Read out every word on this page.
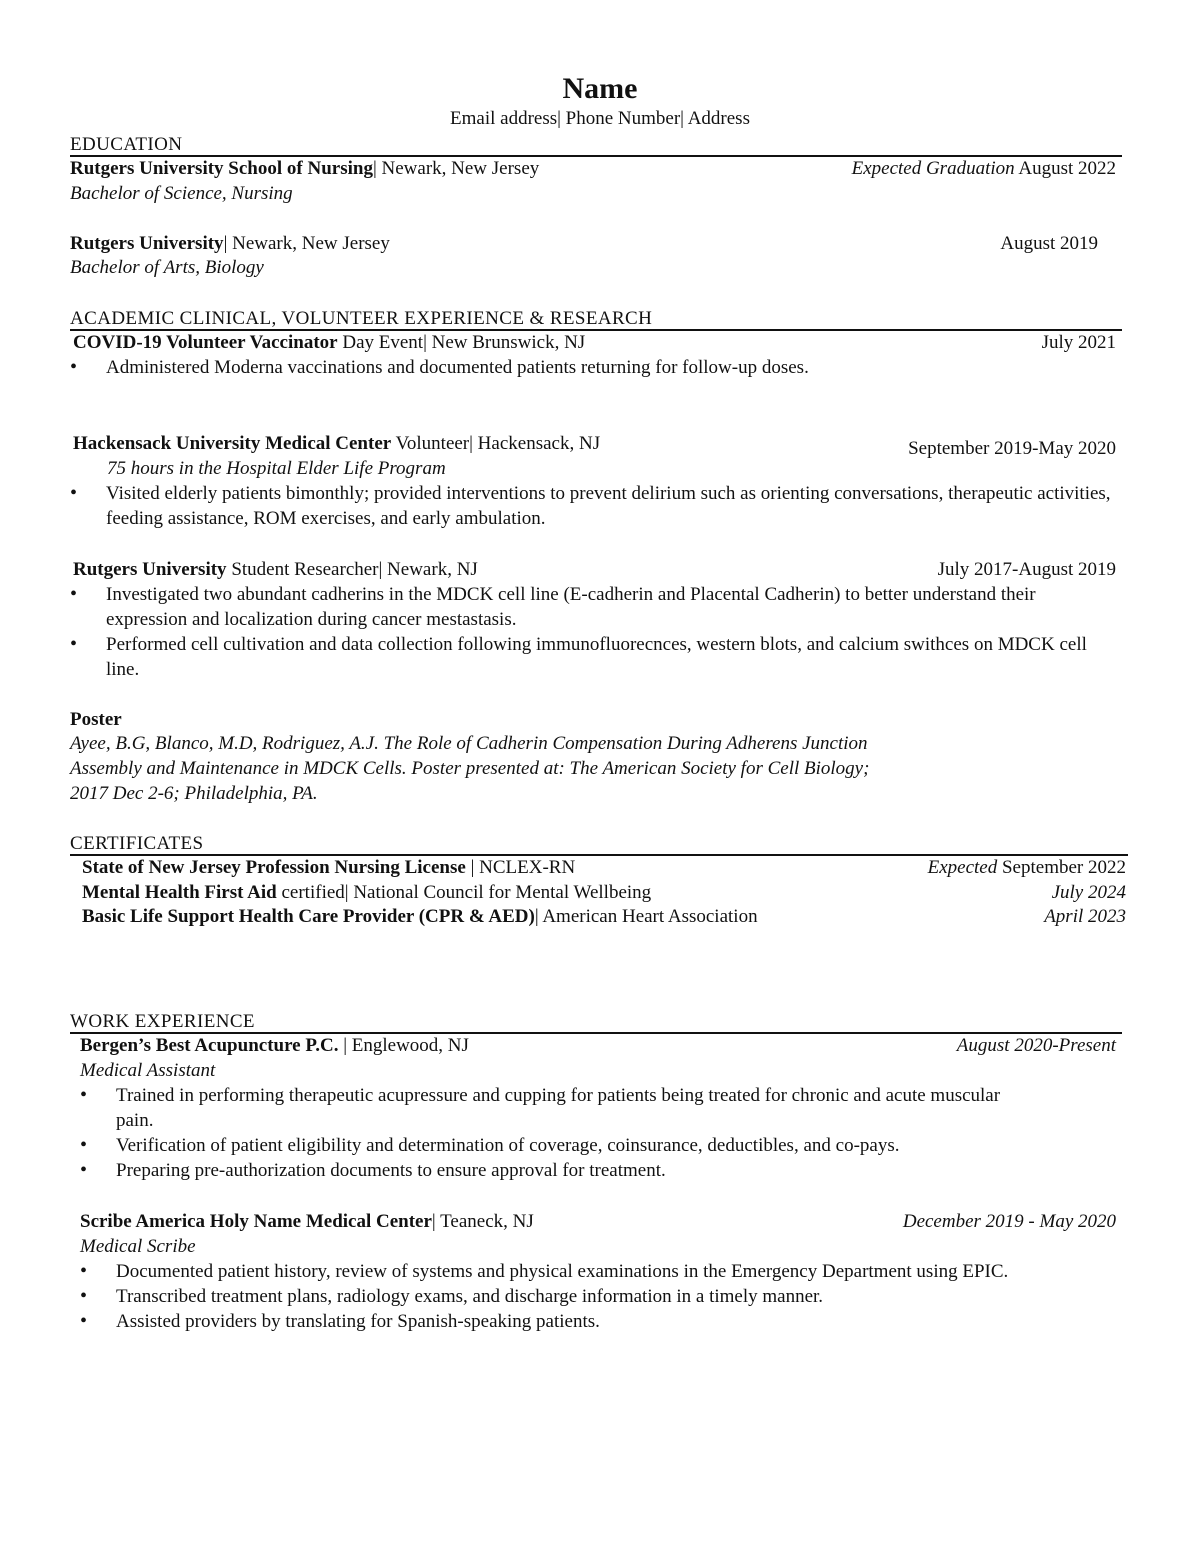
Name
Email address| Phone Number| Address
EDUCATION
Rutgers University School of Nursing| Newark, New Jersey	Expected Graduation August 2022
Bachelor of Science, Nursing
Rutgers University| Newark, New Jersey	August 2019
Bachelor of Arts, Biology
ACADEMIC CLINICAL, VOLUNTEER EXPERIENCE & RESEARCH
COVID-19 Volunteer Vaccinator Day Event| New Brunswick, NJ	July 2021
• Administered Moderna vaccinations and documented patients returning for follow-up doses.
Hackensack University Medical Center Volunteer| Hackensack, NJ	September 2019-May 2020
75 hours in the Hospital Elder Life Program
• Visited elderly patients bimonthly; provided interventions to prevent delirium such as orienting conversations, therapeutic activities, feeding assistance, ROM exercises, and early ambulation.
Rutgers University Student Researcher| Newark, NJ	July 2017-August 2019
• Investigated two abundant cadherins in the MDCK cell line (E-cadherin and Placental Cadherin) to better understand their expression and localization during cancer mestastasis.
• Performed cell cultivation and data collection following immunofluorecnces, western blots, and calcium swithces on MDCK cell line.
Poster
Ayee, B.G, Blanco, M.D, Rodriguez, A.J. The Role of Cadherin Compensation During Adherens Junction
Assembly and Maintenance in MDCK Cells. Poster presented at: The American Society for Cell Biology;
2017 Dec 2-6; Philadelphia, PA.
CERTIFICATES
State of New Jersey Profession Nursing License | NCLEX-RN	Expected September 2022
Mental Health First Aid certified| National Council for Mental Wellbeing	July 2024
Basic Life Support Health Care Provider (CPR & AED)| American Heart Association	April 2023
WORK EXPERIENCE
Bergen’s Best Acupuncture P.C. | Englewood, NJ	August 2020-Present
Medical Assistant
• Trained in performing therapeutic acupressure and cupping for patients being treated for chronic and acute muscular pain.
• Verification of patient eligibility and determination of coverage, coinsurance, deductibles, and co-pays.
• Preparing pre-authorization documents to ensure approval for treatment.
Scribe America Holy Name Medical Center| Teaneck, NJ	December 2019 - May 2020
Medical Scribe
• Documented patient history, review of systems and physical examinations in the Emergency Department using EPIC.
• Transcribed treatment plans, radiology exams, and discharge information in a timely manner.
• Assisted providers by translating for Spanish-speaking patients.
